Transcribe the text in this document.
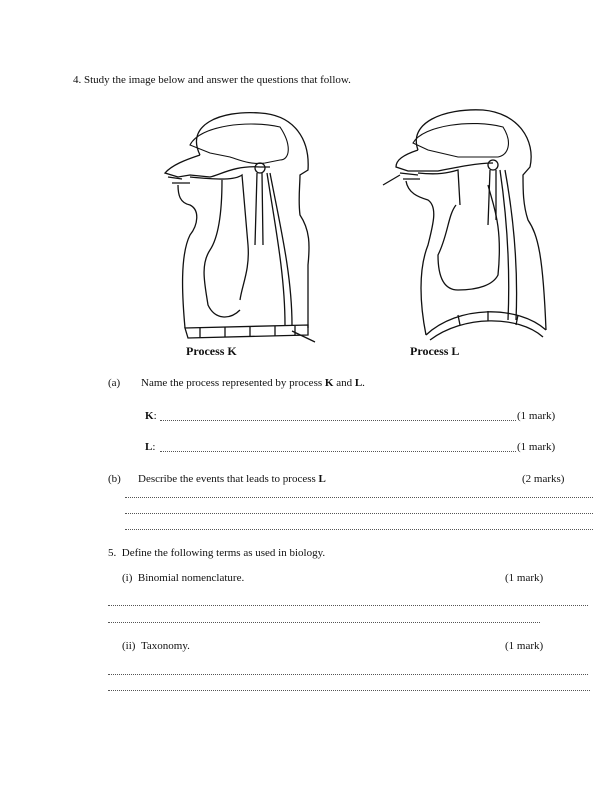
4. Study the image below and answer the questions that follow.
Process K	Process L
(a) Name the process represented by process K and L.
K:	(1 mark)
L:	(1 mark)
(b) Describe the events that leads to process L	(2 marks)
5. Define the following terms as used in biology.
(i) Binomial nomenclature.	(1 mark)
(ii) Taxonomy.	(1 mark)
